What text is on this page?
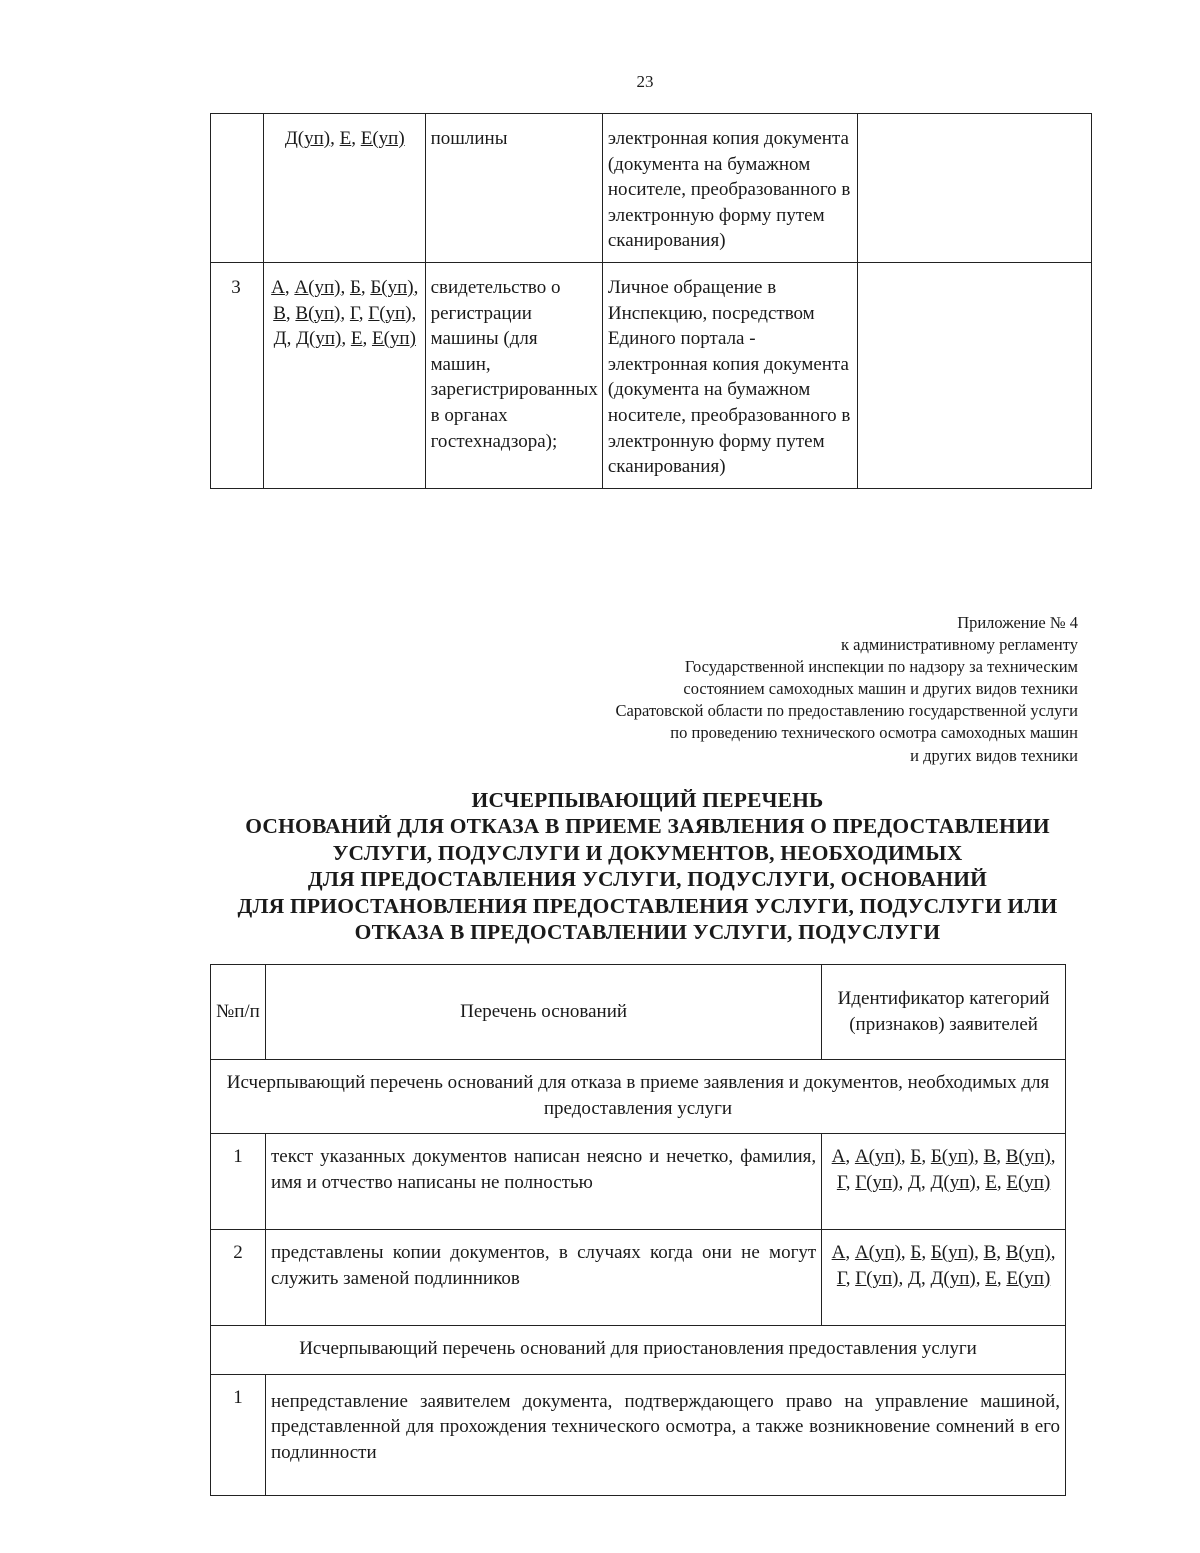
23
	Д(уп), Е, Е(уп)	пошлины	электронная копия документа (документа на бумажном носителе, преобразованного в электронную форму путем сканирования)	
3	А, А(уп), Б, Б(уп), В, В(уп), Г, Г(уп), Д, Д(уп), Е, Е(уп)	свидетельство о регистрации машины (для машин, зарегистрированных в органах гостехнадзора);	Личное обращение в Инспекцию, посредством Единого портала - электронная копия документа (документа на бумажном носителе, преобразованного в электронную форму путем сканирования)	
Приложение № 4
к административному регламенту
Государственной инспекции по надзору за техническим
состоянием самоходных машин и других видов техники
Саратовской области по предоставлению государственной услуги
по проведению технического осмотра самоходных машин
и других видов техники
ИСЧЕРПЫВАЮЩИЙ ПЕРЕЧЕНЬ
ОСНОВАНИЙ ДЛЯ ОТКАЗА В ПРИЕМЕ ЗАЯВЛЕНИЯ О ПРЕДОСТАВЛЕНИИ
УСЛУГИ, ПОДУСЛУГИ И ДОКУМЕНТОВ, НЕОБХОДИМЫХ
ДЛЯ ПРЕДОСТАВЛЕНИЯ УСЛУГИ, ПОДУСЛУГИ, ОСНОВАНИЙ
ДЛЯ ПРИОСТАНОВЛЕНИЯ ПРЕДОСТАВЛЕНИЯ УСЛУГИ, ПОДУСЛУГИ ИЛИ
ОТКАЗА В ПРЕДОСТАВЛЕНИИ УСЛУГИ, ПОДУСЛУГИ
№п/п	Перечень оснований	Идентификатор категорий (признаков) заявителей
Исчерпывающий перечень оснований для отказа в приеме заявления и документов, необходимых для предоставления услуги		
1	текст указанных документов написан неясно и нечетко, фамилия, имя и отчество написаны не полностью	А, А(уп), Б, Б(уп), В, В(уп), Г, Г(уп), Д, Д(уп), Е, Е(уп)
2	представлены копии документов, в случаях когда они не могут служить заменой подлинников	А, А(уп), Б, Б(уп), В, В(уп), Г, Г(уп), Д, Д(уп), Е, Е(уп)
Исчерпывающий перечень оснований для приостановления предоставления услуги		
1	непредставление заявителем документа, подтверждающего право на управление машиной, представленной для прохождения технического осмотра, а также возникновение сомнений в его подлинности	
